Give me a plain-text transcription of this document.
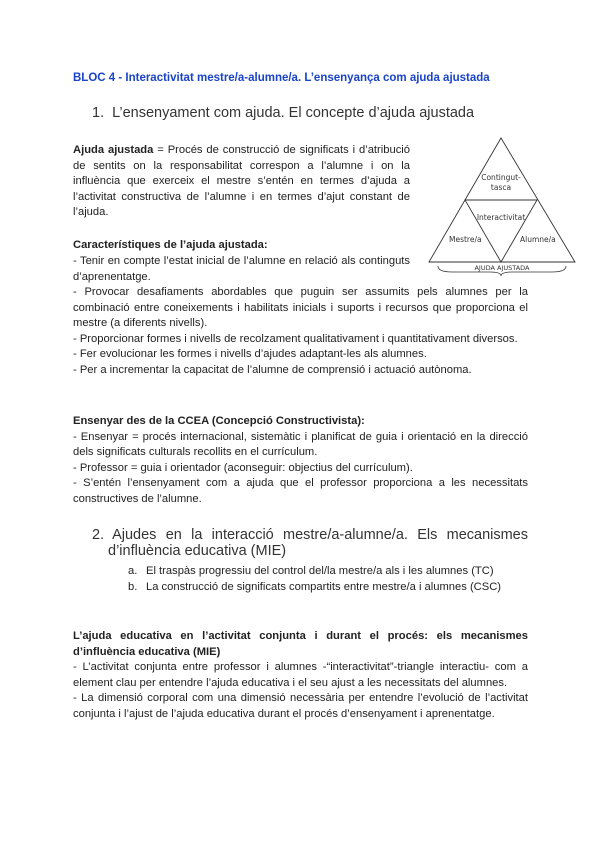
BLOC 4 - Interactivitat mestre/a-alumne/a. L’ensenyança com ajuda ajustada
1. L’ensenyament com ajuda. El concepte d’ajuda ajustada

Ajuda ajustada = Procés de construcció de significats i d’atribució de sentits on la responsabilitat correspon a l’alumne i on la influència que exerceix el mestre s’entén en termes d’ajuda a l’activitat constructiva de l’alumne i en termes d’ajut constant de l’ajuda.

Característiques de l’ajuda ajustada:
- Tenir en compte l’estat inicial de l’alumne en relació als continguts d’aprenentatge.

- Provocar desafiaments abordables que puguin ser assumits pels alumnes per la combinació entre coneixements i habilitats inicials i suports i recursos que proporciona el mestre (a diferents nivells).

- Proporcionar formes i nivells de recolzament qualitativament i quantitativament diversos.

- Fer evolucionar les formes i nivells d’ajudes adaptant-les als alumnes.

- Per a incrementar la capacitat de l’alumne de comprensió i actuació autònoma.

Ensenyar des de la CCEA (Concepció Constructivista):

- Ensenyar = procés internacional, sistemàtic i planificat de guia i orientació en la direcció dels significats culturals recollits en el currículum.

- Professor = guia i orientador (aconseguir: objectius del currículum).

- S’entén l’ensenyament com a ajuda que el professor proporciona a les necessitats constructives de l’alumne.

2. Ajudes en la interacció mestre/a-alumne/a. Els mecanismes
d’influència educativa (MIE)
a. El traspàs progressiu del control del/la mestre/a als i les alumnes (TC)
b. La construcció de significats compartits entre mestre/a i alumnes (CSC)

L’ajuda educativa en l’activitat conjunta i durant el procés: els mecanismes d’influència educativa (MIE)

- L’activitat conjunta entre professor i alumnes -“interactivitat”-triangle interactiu- com a element clau per entendre l’ajuda educativa i el seu ajust a les necessitats del alumnes.

- La dimensió corporal com una dimensió necessària per entendre l’evolució de l’activitat conjunta i l’ajust de l’ajuda educativa durant el procés d’ensenyament i aprenentatge.

Contingut-
tasca
Interactivitat
Mestre/a	Alumne/a
AJUDA AJUSTADA
